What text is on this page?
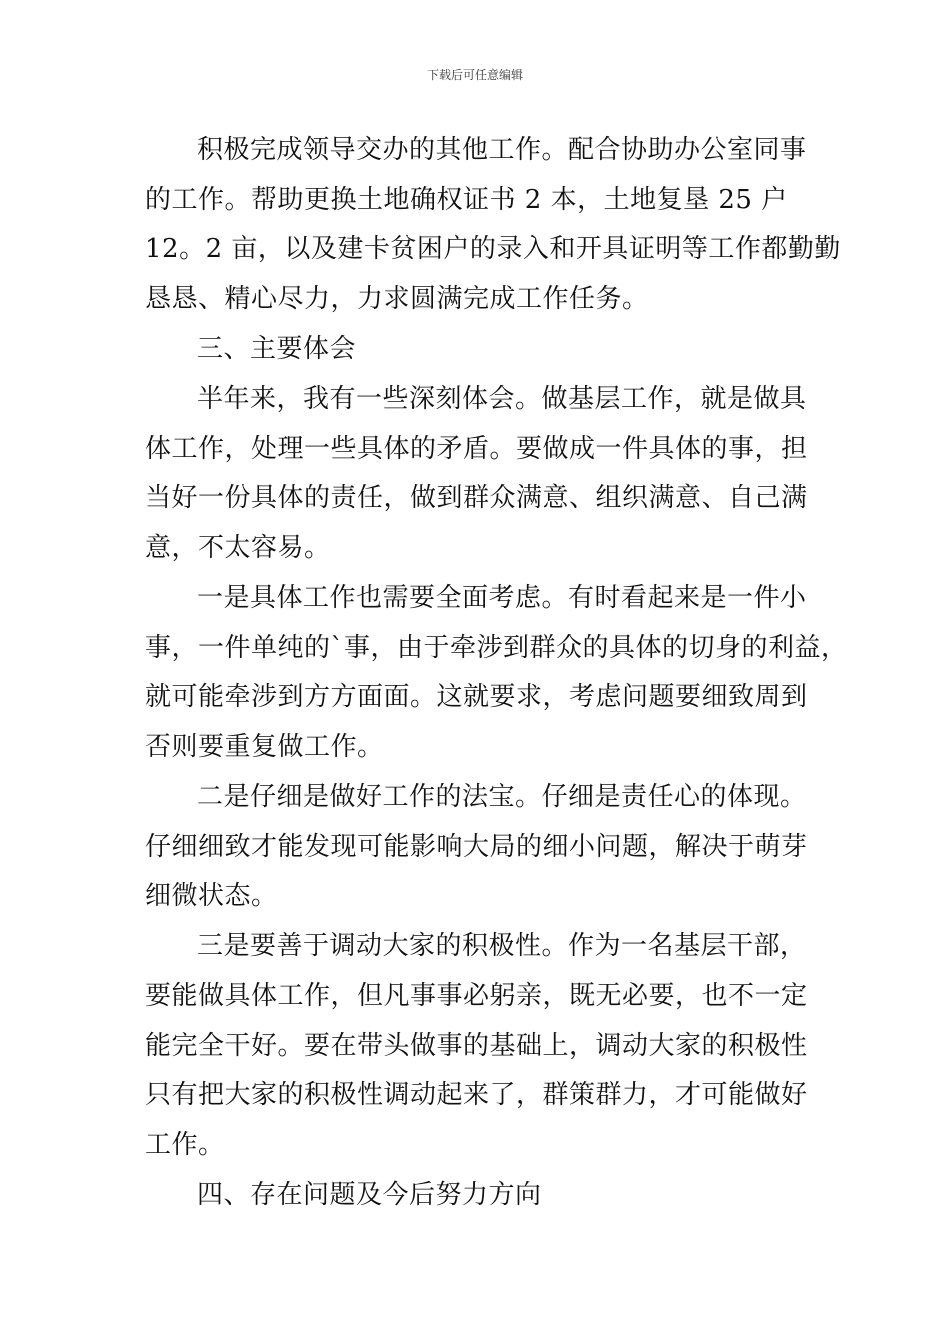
下载后可任意编辑
积极完成领导交办的其他工作。配合协助办公室同事
的工作。帮助更换土地确权证书 2 本，土地复垦 25 户
12。2 亩，以及建卡贫困户的录入和开具证明等工作都勤勤
恳恳、精心尽力，力求圆满完成工作任务。
三、主要体会
半年来，我有一些深刻体会。做基层工作，就是做具
体工作，处理一些具体的矛盾。要做成一件具体的事，担
当好一份具体的责任，做到群众满意、组织满意、自己满
意，不太容易。
一是具体工作也需要全面考虑。有时看起来是一件小
事，一件单纯的`事，由于牵涉到群众的具体的切身的利益，
就可能牵涉到方方面面。这就要求，考虑问题要细致周到
否则要重复做工作。
二是仔细是做好工作的法宝。仔细是责任心的体现。
仔细细致才能发现可能影响大局的细小问题，解决于萌芽
细微状态。
三是要善于调动大家的积极性。作为一名基层干部，
要能做具体工作，但凡事事必躬亲，既无必要，也不一定
能完全干好。要在带头做事的基础上，调动大家的积极性
只有把大家的积极性调动起来了，群策群力，才可能做好
工作。
四、存在问题及今后努力方向
